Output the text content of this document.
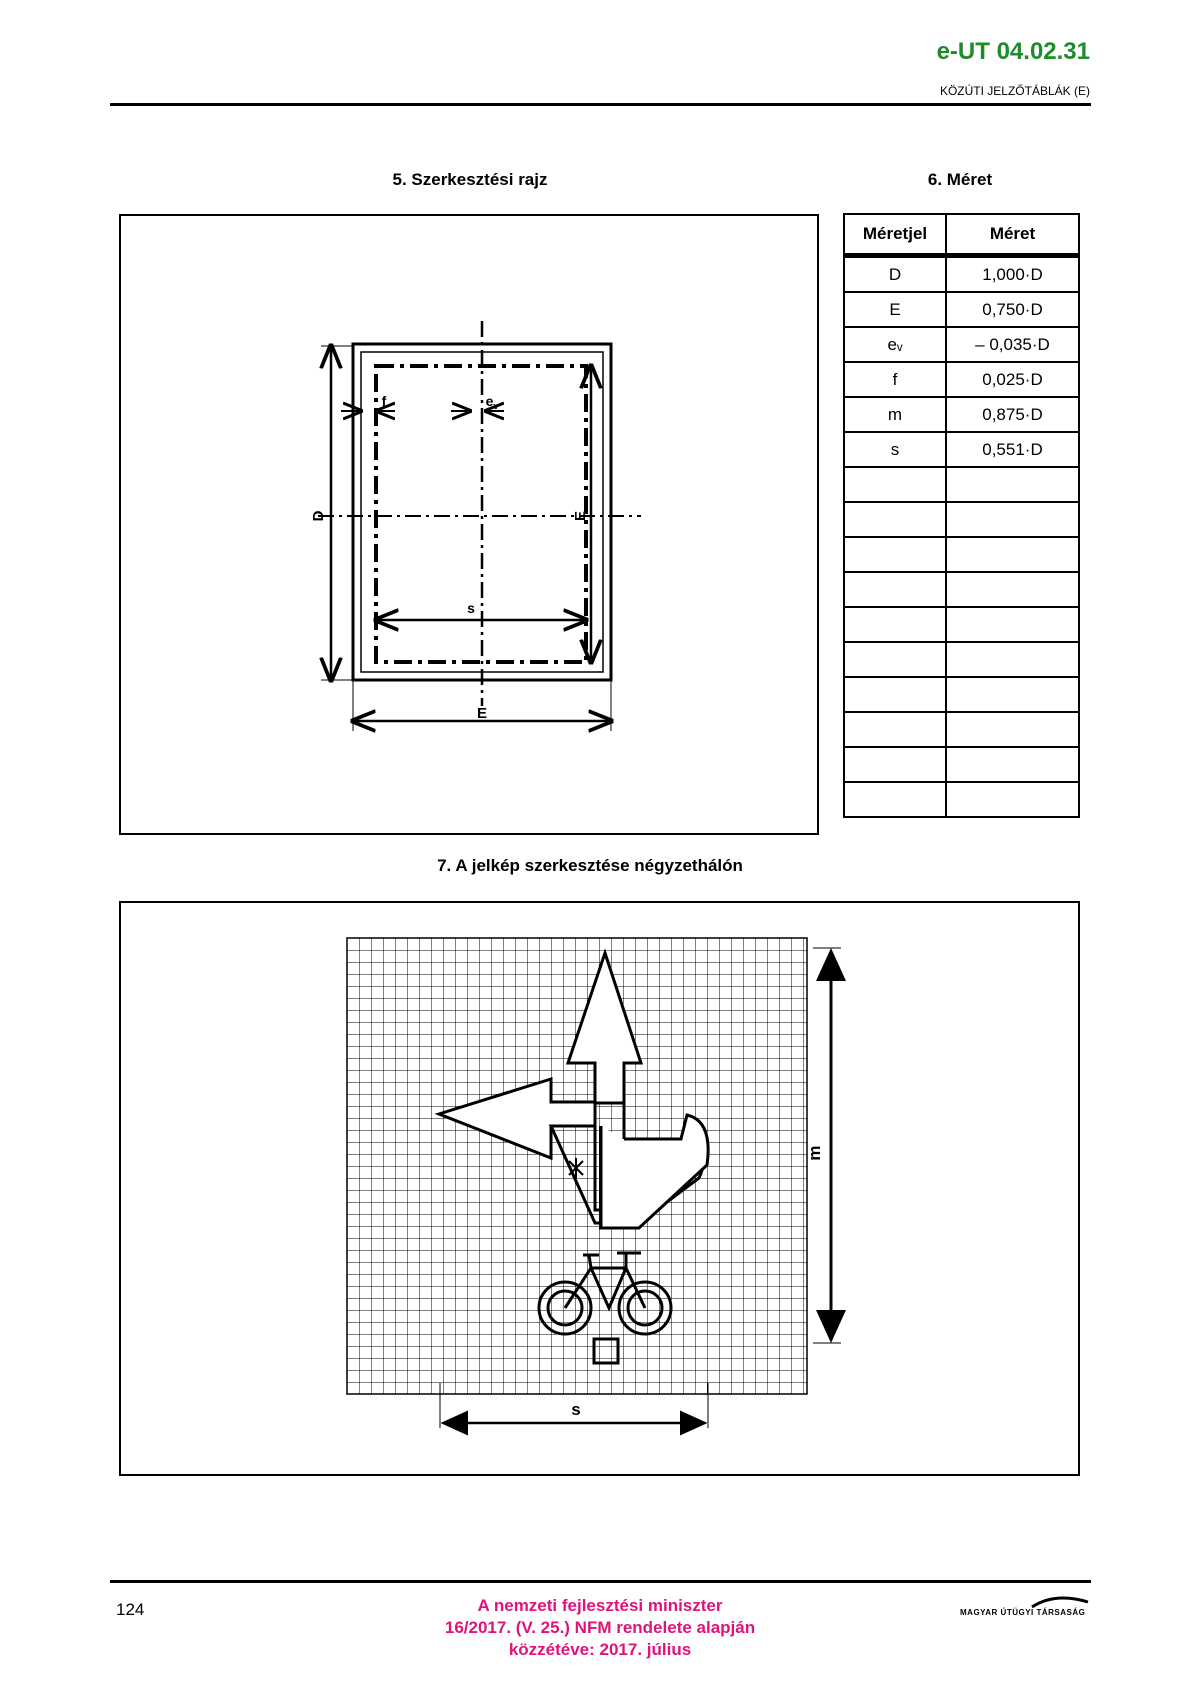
e-UT 04.02.31
KÖZÚTI JELZŐTÁBLÁK (E)
5. Szerkesztési rajz	6. Méret
D	E
E
s
f	$e_v$
Méretjel	Méret
D	1,000·D
E	0,750·D
eᵥ	– 0,035·D
f	0,025·D
m	0,875·D
s	0,551·D

7. A jelkép szerkesztése négyzethálón
m
s
124	A nemzeti fejlesztési miniszter
16/2017. (V. 25.) NFM rendelete alapján
közzétéve: 2017. július
MAGYAR ÚTÜGYI TÁRSASÁG
